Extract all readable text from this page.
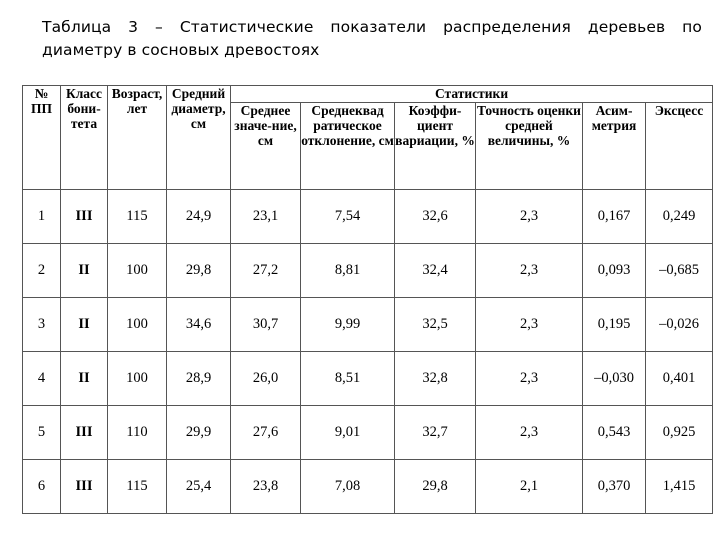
Таблица 3 – Статистические показатели распределения деревьев по диаметру в сосновых древостоях
№ ПП	Класс бони-тета	Возраст, лет	Средний диаметр, см	Статистики					
				Среднее значе-ние, см	Среднеквад ратическое отклонение, см	Коэффи-циент вариации, %	Точность оценки средней величины, %	Асим-метрия	Эксцесс
1	III	115	24,9	23,1	7,54	32,6	2,3	0,167	0,249
2	II	100	29,8	27,2	8,81	32,4	2,3	0,093	–0,685
3	II	100	34,6	30,7	9,99	32,5	2,3	0,195	–0,026
4	II	100	28,9	26,0	8,51	32,8	2,3	–0,030	0,401
5	III	110	29,9	27,6	9,01	32,7	2,3	0,543	0,925
6	III	115	25,4	23,8	7,08	29,8	2,1	0,370	1,415
